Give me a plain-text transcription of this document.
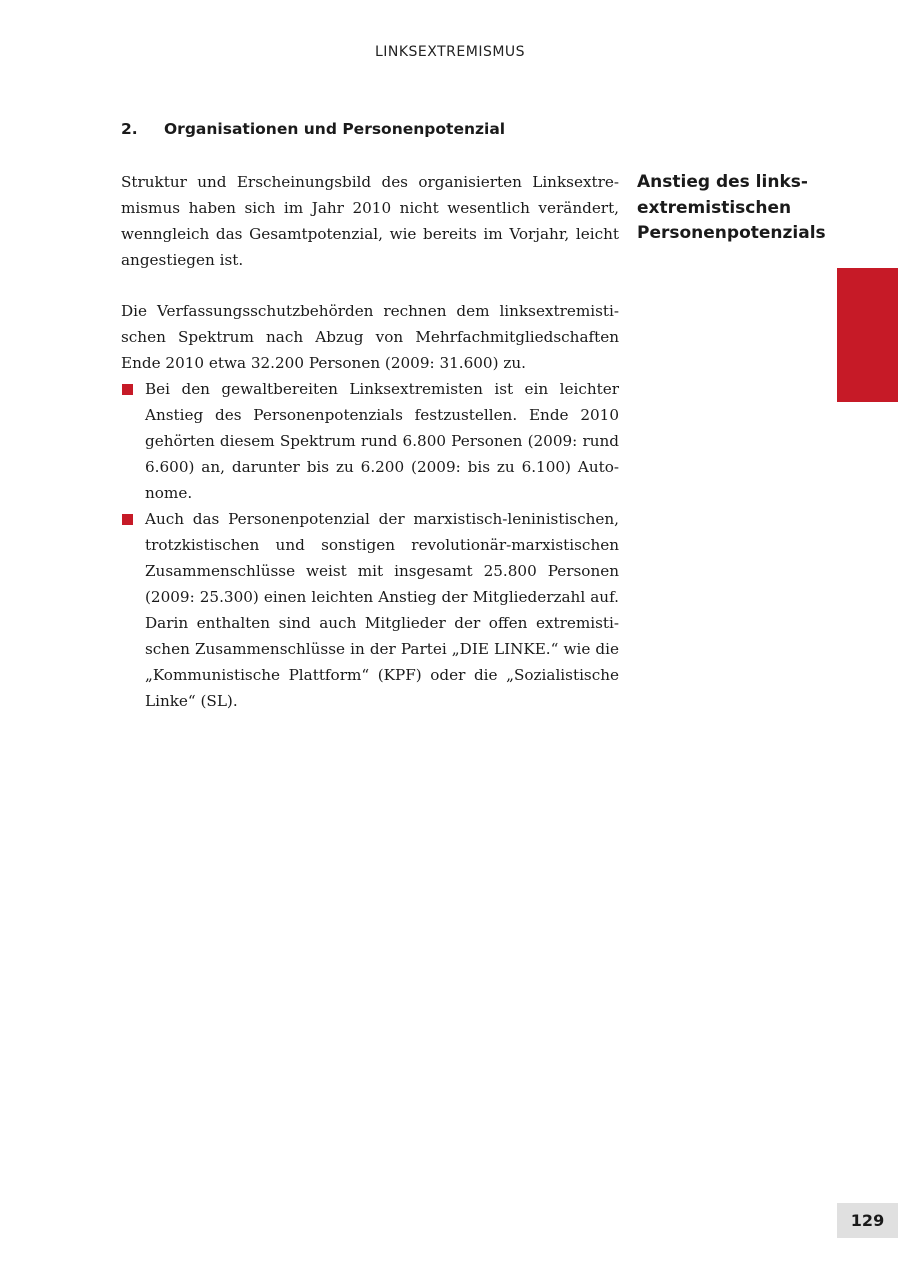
LINKSEXTREMISMUS
2. Organisationen und Personenpotenzial
Struktur und Erscheinungsbild des organisierten Linksextre-
mismus haben sich im Jahr 2010 nicht wesentlich verändert,
wenngleich das Gesamtpotenzial, wie bereits im Vorjahr, leicht
angestiegen ist.
Die Verfassungsschutzbehörden rechnen dem linksextremisti-
schen Spektrum nach Abzug von Mehrfachmitgliedschaften
Ende 2010 etwa 32.200 Personen (2009: 31.600) zu.
Bei den gewaltbereiten Linksextremisten ist ein leichter
Anstieg des Personenpotenzials festzustellen. Ende 2010
gehörten diesem Spektrum rund 6.800 Personen (2009: rund
6.600) an, darunter bis zu 6.200 (2009: bis zu 6.100) Auto-
nome.
Auch das Personenpotenzial der marxistisch-leninistischen,
trotzkistischen und sonstigen revolutionär-marxistischen
Zusammenschlüsse weist mit insgesamt 25.800 Personen
(2009: 25.300) einen leichten Anstieg der Mitgliederzahl auf.
Darin enthalten sind auch Mitglieder der offen extremisti-
schen Zusammenschlüsse in der Partei „DIE LINKE.“ wie die
„Kommunistische Plattform“ (KPF) oder die „Sozialistische
Linke“ (SL).
Anstieg des links-
extremistischen
Personenpotenzials
129
